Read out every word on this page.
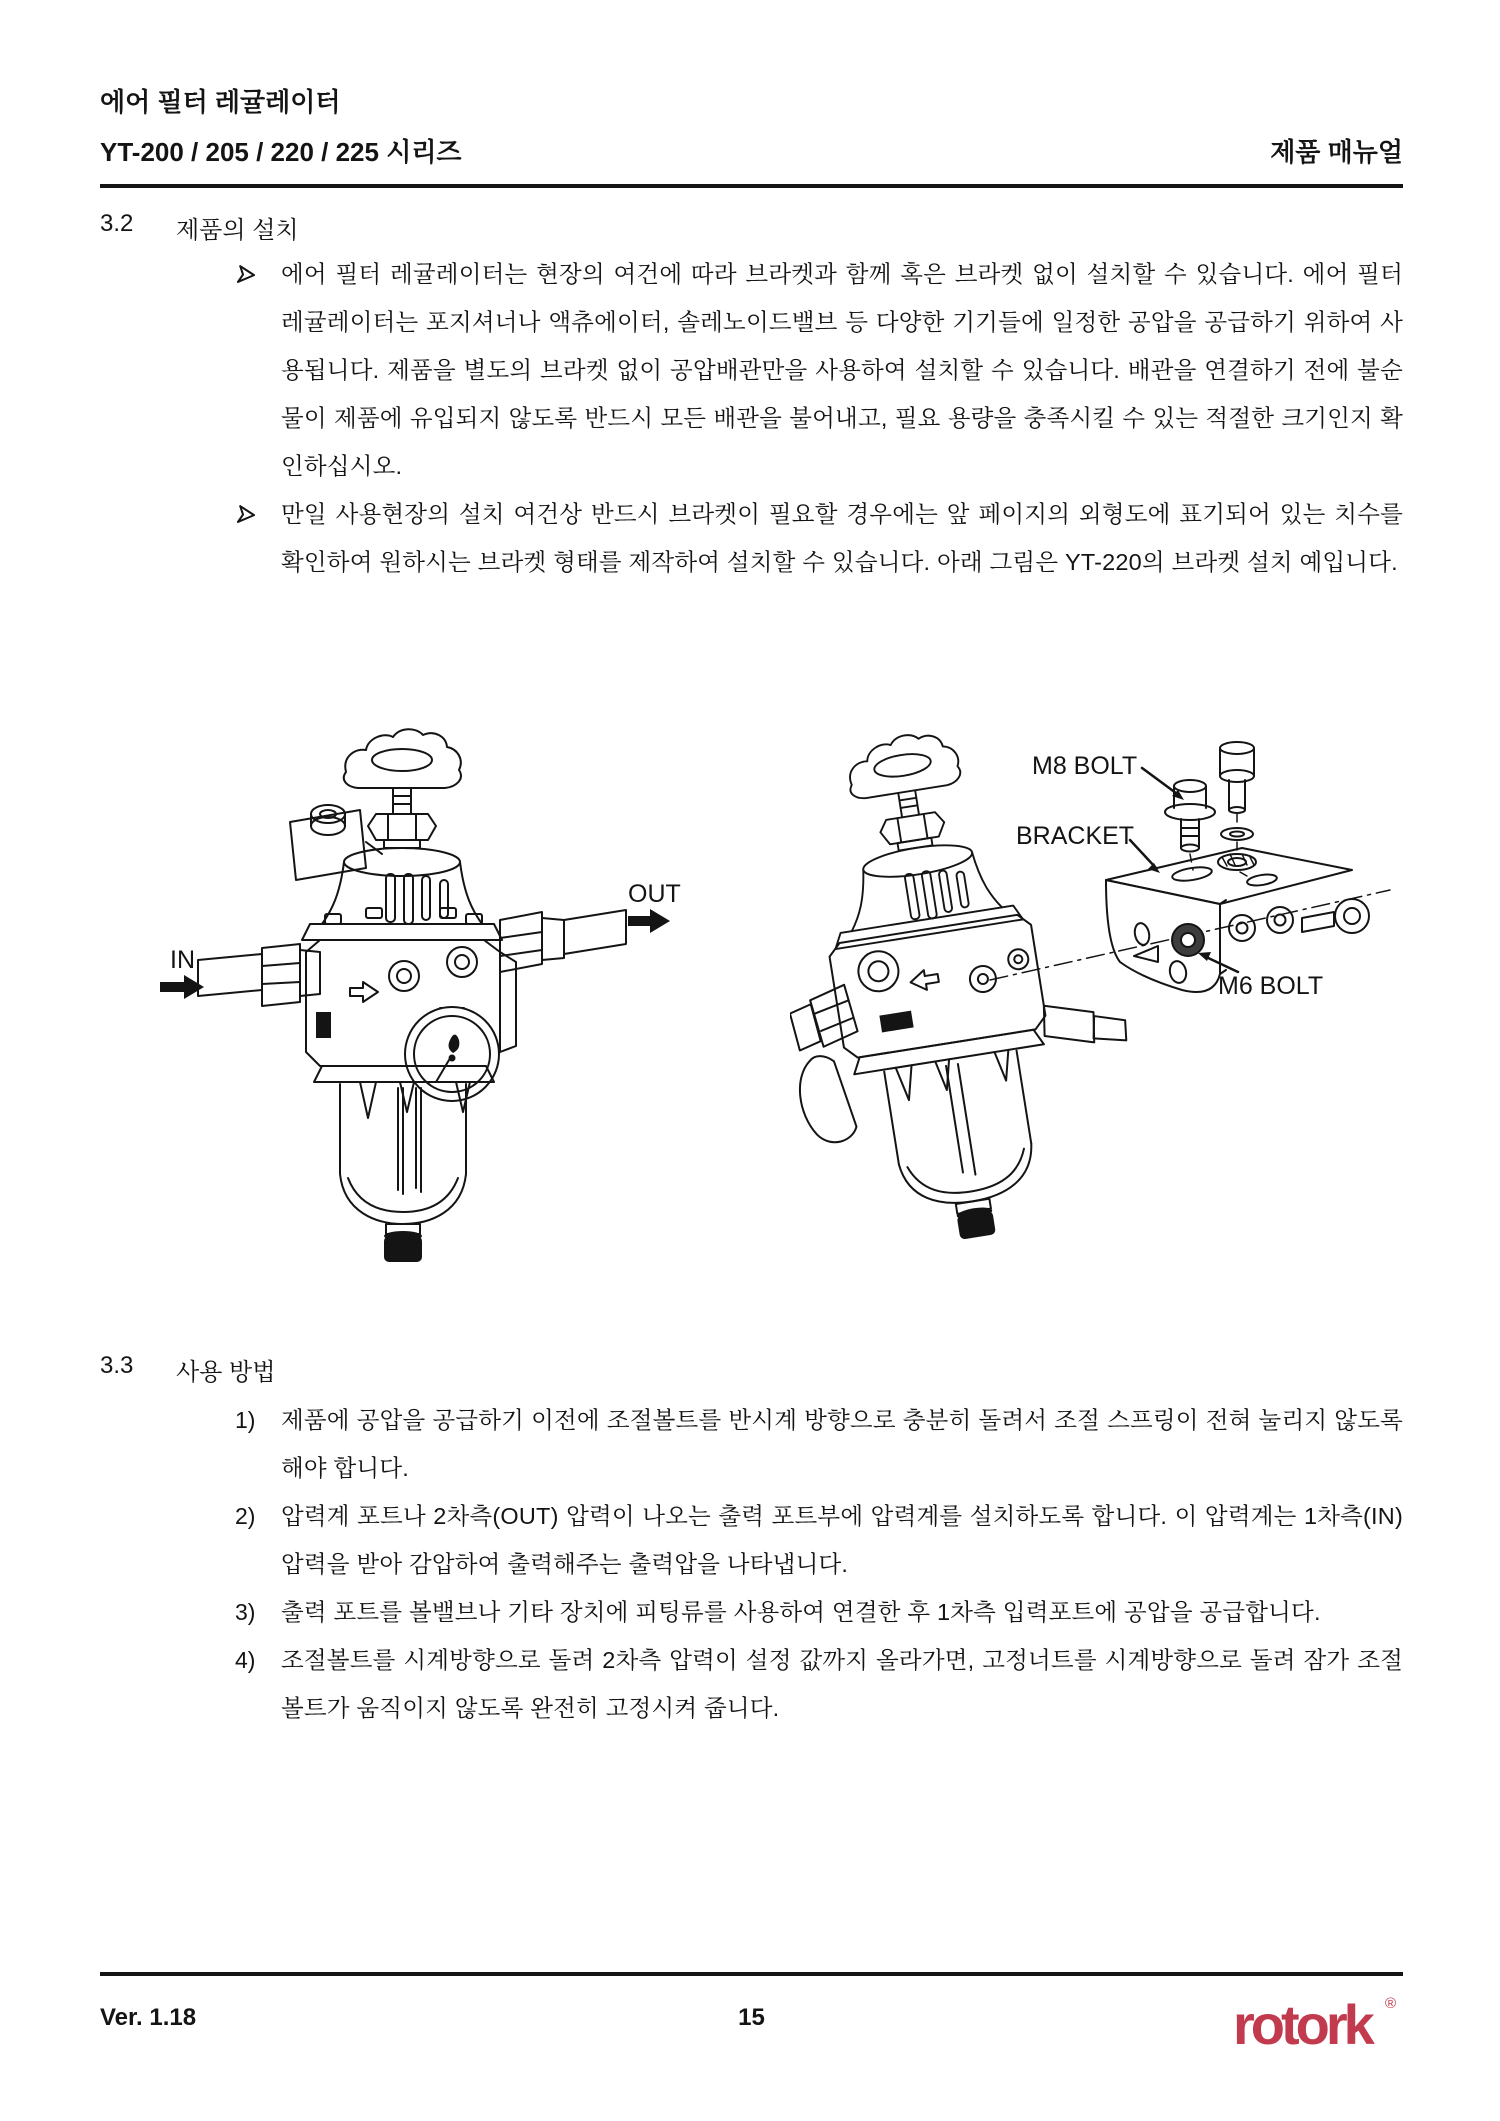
에어 필터 레귤레이터
YT-200 / 205 / 220 / 225 시리즈	제품 매뉴얼
3.2	제품의 설치
에어 필터 레귤레이터는 현장의 여건에 따라 브라켓과 함께 혹은 브라켓 없이 설치할 수 있습니다. 에어 필터 레귤레이터는 포지셔너나 액츄에이터, 솔레노이드밸브 등 다양한 기기들에 일정한 공압을 공급하기 위하여 사용됩니다. 제품을 별도의 브라켓 없이 공압배관만을 사용하여 설치할 수 있습니다. 배관을 연결하기 전에 불순물이 제품에 유입되지 않도록 반드시 모든 배관을 불어내고, 필요 용량을 충족시킬 수 있는 적절한 크기인지 확인하십시오.
만일 사용현장의 설치 여건상 반드시 브라켓이 필요할 경우에는 앞 페이지의 외형도에 표기되어 있는 치수를 확인하여 원하시는 브라켓 형태를 제작하여 설치할 수 있습니다. 아래 그림은 YT-220의 브라켓 설치 예입니다.
IN
OUT
M8 BOLT
BRACKET
M6 BOLT
3.3	사용 방법
1)	제품에 공압을 공급하기 이전에 조절볼트를 반시계 방향으로 충분히 돌려서 조절 스프링이 전혀 눌리지 않도록 해야 합니다.
2)	압력계 포트나 2차측(OUT) 압력이 나오는 출력 포트부에 압력계를 설치하도록 합니다. 이 압력계는 1차측(IN) 압력을 받아 감압하여 출력해주는 출력압을 나타냅니다.
3)	출력 포트를 볼밸브나 기타 장치에 피팅류를 사용하여 연결한 후 1차측 입력포트에 공압을 공급합니다.
4)	조절볼트를 시계방향으로 돌려 2차측 압력이 설정 값까지 올라가면, 고정너트를 시계방향으로 돌려 잠가 조절 볼트가 움직이지 않도록 완전히 고정시켜 줍니다.
Ver. 1.18	15	rotork ®
